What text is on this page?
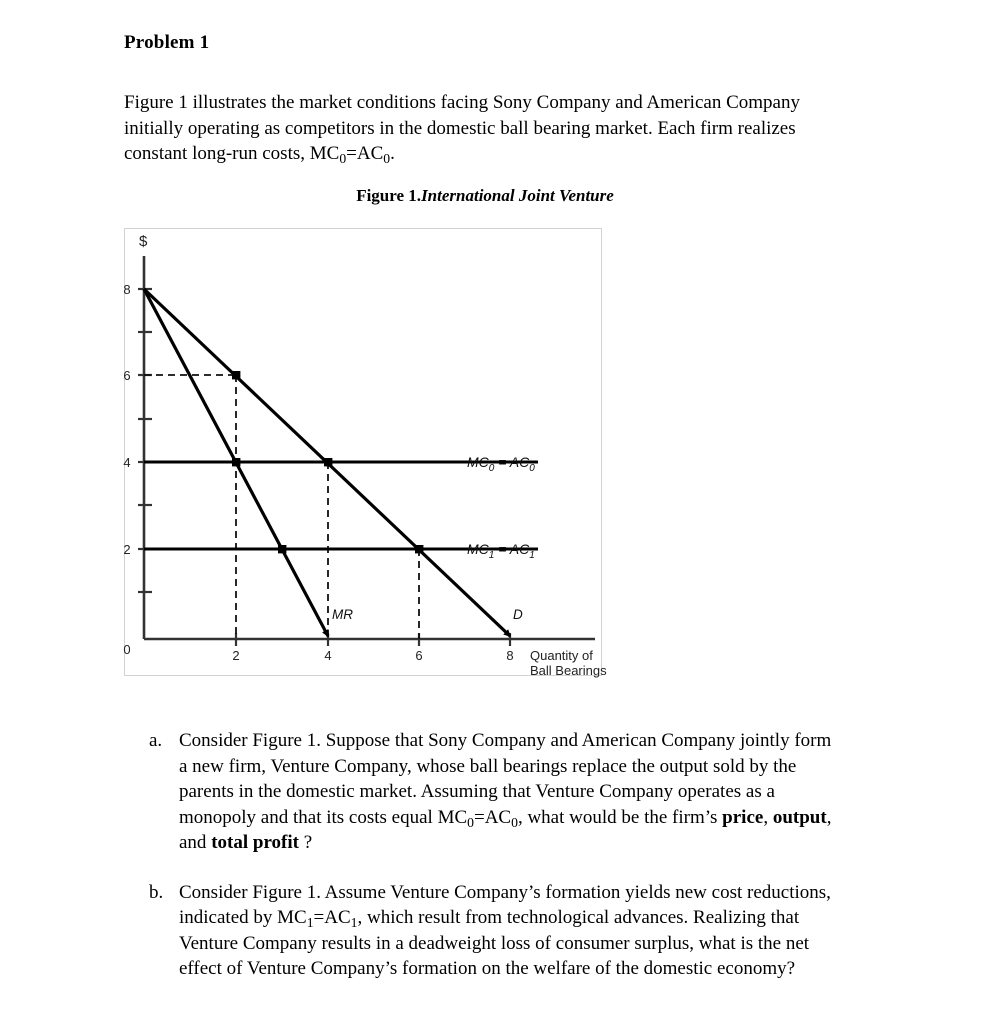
Problem 1
Figure 1 illustrates the market conditions facing Sony Company and American Company initially operating as competitors in the domestic ball bearing market. Each firm realizes constant long-run costs, $MC_0=AC_0$.
Figure 1.International Joint Venture
$
8
6
4
2
0	2	4	6	8
MR	D
$MC_0 = AC_0$
$MC_1 = AC_1$
Quantity of
Ball Bearings
a. Consider Figure 1. Suppose that Sony Company and American Company jointly form a new firm, Venture Company, whose ball bearings replace the output sold by the parents in the domestic market. Assuming that Venture Company operates as a monopoly and that its costs equal $MC_0=AC_0$, what would be the firm’s price, output, and total profit ?
b. Consider Figure 1. Assume Venture Company’s formation yields new cost reductions, indicated by $MC_1=AC_1$, which result from technological advances. Realizing that Venture Company results in a deadweight loss of consumer surplus, what is the net effect of Venture Company’s formation on the welfare of the domestic economy?
